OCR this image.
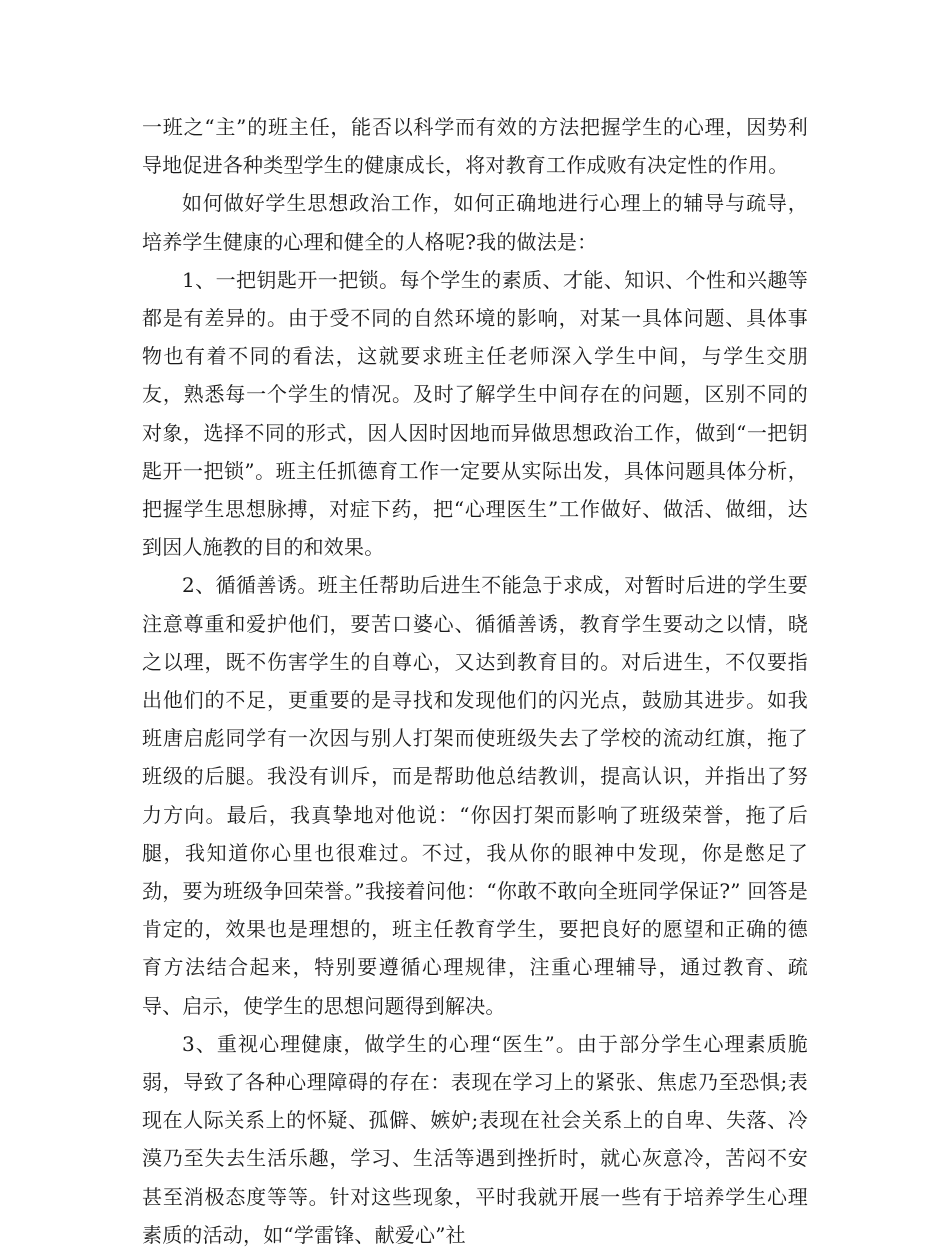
一班之“主”的班主任，能否以科学而有效的方法把握学生的心理，因势利导地促进各种类型学生的健康成长，将对教育工作成败有决定性的作用。

如何做好学生思想政治工作，如何正确地进行心理上的辅导与疏导，培养学生健康的心理和健全的人格呢?我的做法是：

1、一把钥匙开一把锁。每个学生的素质、才能、知识、个性和兴趣等都是有差异的。由于受不同的自然环境的影响，对某一具体问题、具体事物也有着不同的看法，这就要求班主任老师深入学生中间，与学生交朋友，熟悉每一个学生的情况。及时了解学生中间存在的问题，区别不同的对象，选择不同的形式，因人因时因地而异做思想政治工作，做到“一把钥匙开一把锁”。班主任抓德育工作一定要从实际出发，具体问题具体分析，把握学生思想脉搏，对症下药，把“心理医生”工作做好、做活、做细，达到因人施教的目的和效果。

2、循循善诱。班主任帮助后进生不能急于求成，对暂时后进的学生要注意尊重和爱护他们，要苦口婆心、循循善诱，教育学生要动之以情，晓之以理，既不伤害学生的自尊心，又达到教育目的。对后进生，不仅要指出他们的不足，更重要的是寻找和发现他们的闪光点，鼓励其进步。如我班唐启彪同学有一次因与别人打架而使班级失去了学校的流动红旗，拖了班级的后腿。我没有训斥，而是帮助他总结教训，提高认识，并指出了努力方向。最后，我真挚地对他说：“你因打架而影响了班级荣誉，拖了后腿，我知道你心里也很难过。不过，我从你的眼神中发现，你是憋足了劲，要为班级争回荣誉。”我接着问他：“你敢不敢向全班同学保证?” 回答是肯定的，效果也是理想的，班主任教育学生，要把良好的愿望和正确的德育方法结合起来，特别要遵循心理规律，注重心理辅导，通过教育、疏导、启示，使学生的思想问题得到解决。

3、重视心理健康，做学生的心理“医生”。由于部分学生心理素质脆弱，导致了各种心理障碍的存在：表现在学习上的紧张、焦虑乃至恐惧;表现在人际关系上的怀疑、孤僻、嫉妒;表现在社会关系上的自卑、失落、冷漠乃至失去生活乐趣，学习、生活等遇到挫折时，就心灰意冷，苦闷不安甚至消极态度等等。针对这些现象，平时我就开展一些有于培养学生心理素质的活动，如“学雷锋、献爱心”社
